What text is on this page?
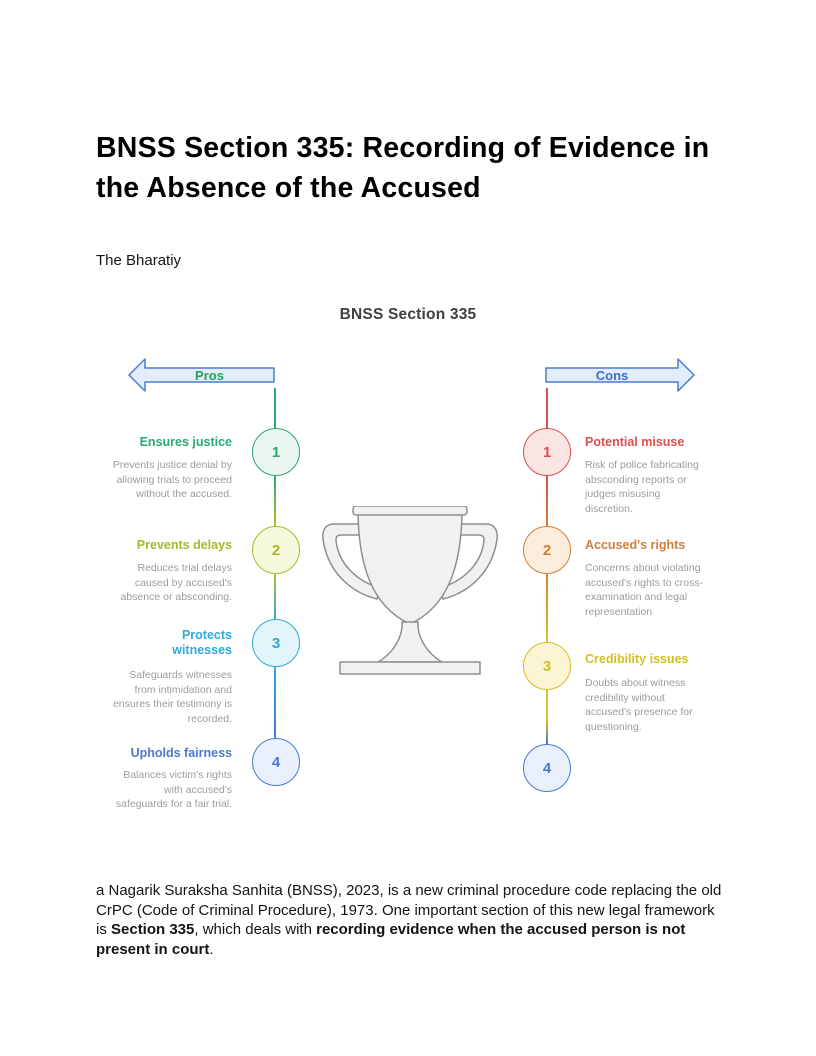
BNSS Section 335: Recording of Evidence in the Absence of the Accused
The Bharatiy
BNSS Section 335
Pros	Cons
1
2
3
4
1
2
3
4
Ensures justice
Prevents justice denial by allowing trials to proceed without the accused.
Prevents delays
Reduces trial delays caused by accused's absence or absconding.
Protects witnesses
Safeguards witnesses from intimidation and ensures their testimony is recorded.
Upholds fairness
Balances victim's rights with accused's safeguards for a fair trial.
Potential misuse
Risk of police fabricating absconding reports or judges misusing discretion.
Accused's rights
Concerns about violating accused's rights to cross-examination and legal representation
Credibility issues
Doubts about witness credibility without accused's presence for questioning.

a Nagarik Suraksha Sanhita (BNSS), 2023, is a new criminal procedure code replacing the old CrPC (Code of Criminal Procedure), 1973. One important section of this new legal framework is Section 335, which deals with recording evidence when the accused person is not present in court.
